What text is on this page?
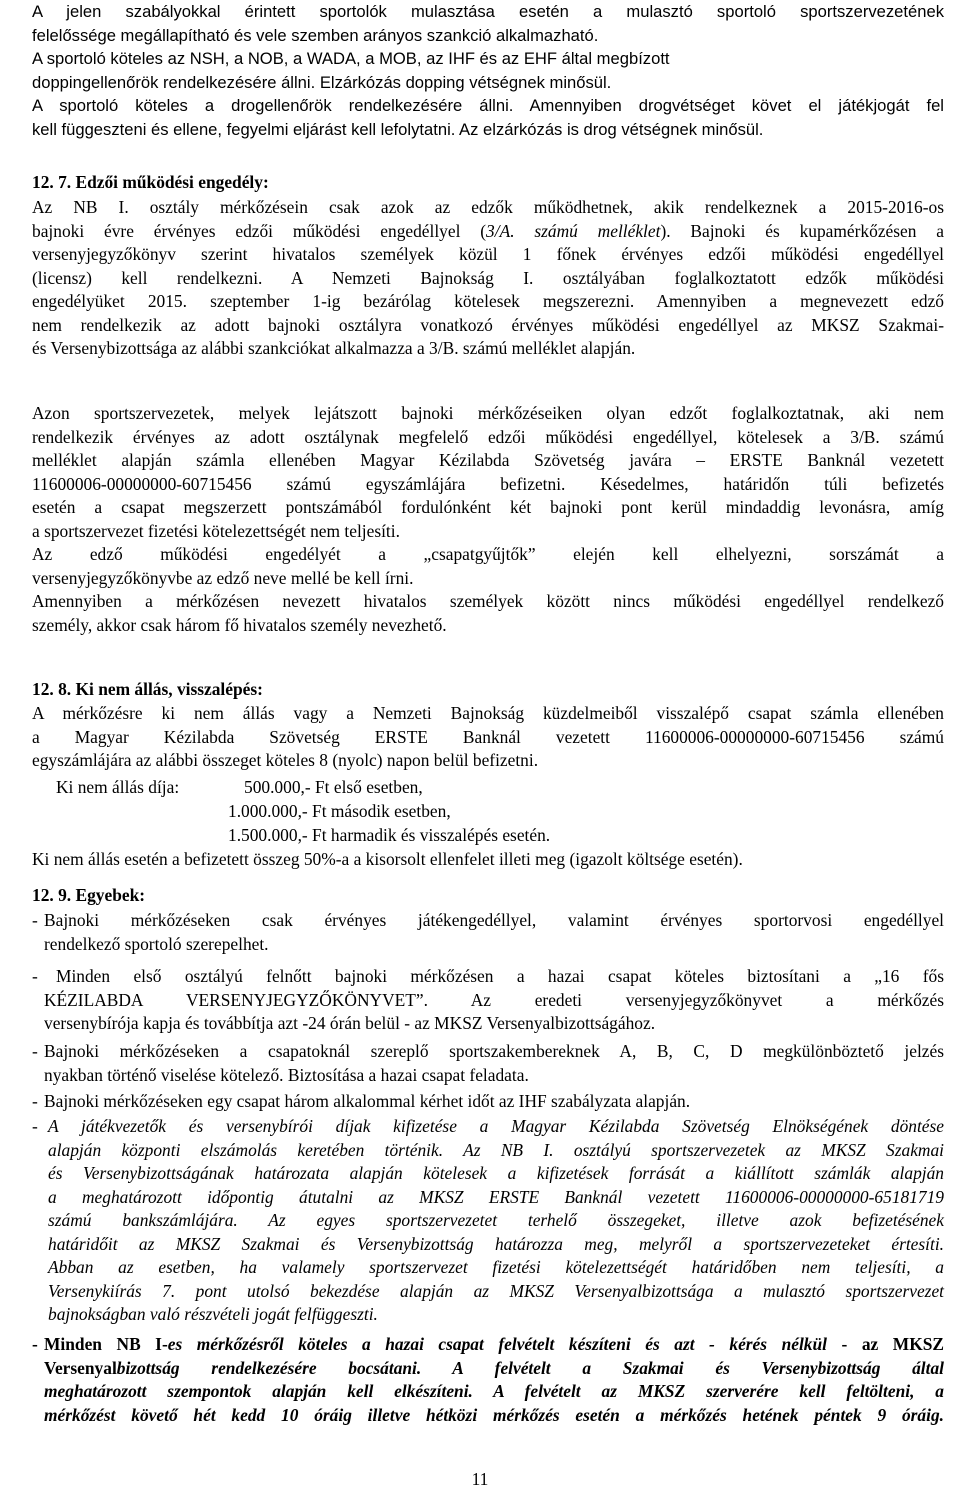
A jelen szabályokkal érintett sportolók mulasztása esetén a mulasztó sportoló sportszervezetének
felelőssége megállapítható és vele szemben arányos szankció alkalmazható.
A sportoló köteles az NSH, a NOB, a WADA, a MOB, az IHF és az EHF által megbízott
doppingellenőrök rendelkezésére állni. Elzárkózás dopping vétségnek minősül.
A sportoló köteles a drogellenőrök rendelkezésére állni. Amennyiben drogvétséget követ el játékjogát fel
kell függeszteni és ellene, fegyelmi eljárást kell lefolytatni. Az elzárkózás is drog vétségnek minősül.
12. 7. Edzői működési engedély:
Az NB I. osztály mérkőzésein csak azok az edzők működhetnek, akik rendelkeznek a 2015-2016-os
bajnoki évre érvényes edzői működési engedéllyel (3/A. számú melléklet). Bajnoki és kupamérkőzésen a
versenyjegyzőkönyv szerint hivatalos személyek közül 1 főnek érvényes edzői működési engedéllyel
(licensz) kell rendelkezni. A Nemzeti Bajnokság I. osztályában foglalkoztatott edzők működési
engedélyüket 2015. szeptember 1-ig bezárólag kötelesek megszerezni. Amennyiben a megnevezett edző
nem rendelkezik az adott bajnoki osztályra vonatkozó érvényes működési engedéllyel az MKSZ Szakmai-
és Versenybizottsága az alábbi szankciókat alkalmazza a 3/B. számú melléklet alapján.
Azon sportszervezetek, melyek lejátszott bajnoki mérkőzéseiken olyan edzőt foglalkoztatnak, aki nem
rendelkezik érvényes az adott osztálynak megfelelő edzői működési engedéllyel, kötelesek a 3/B. számú
melléklet alapján számla ellenében Magyar Kézilabda Szövetség javára – ERSTE Banknál vezetett
11600006-00000000-60715456 számú egyszámlájára befizetni. Késedelmes, határidőn túli befizetés
esetén a csapat megszerzett pontszámából fordulónként két bajnoki pont kerül mindaddig levonásra, amíg
a sportszervezet fizetési kötelezettségét nem teljesíti.
Az edző működési engedélyét a „csapatgyűjtők” elején kell elhelyezni, sorszámát a
versenyjegyzőkönyvbe az edző neve mellé be kell írni.
Amennyiben a mérkőzésen nevezett hivatalos személyek között nincs működési engedéllyel rendelkező
személy, akkor csak három fő hivatalos személy nevezhető.
12. 8. Ki nem állás, visszalépés:
A mérkőzésre ki nem állás vagy a Nemzeti Bajnokság küzdelmeiből visszalépő csapat számla ellenében
a Magyar Kézilabda Szövetség ERSTE Banknál vezetett 11600006-00000000-60715456 számú
egyszámlájára az alábbi összeget köteles 8 (nyolc) napon belül befizetni.
Ki nem állás díja:	500.000,- Ft első esetben,
1.000.000,- Ft második esetben,
1.500.000,- Ft harmadik és visszalépés esetén.
Ki nem állás esetén a befizetett összeg 50%-a a kisorsolt ellenfelet illeti meg (igazolt költsége esetén).
12. 9. Egyebek:
- Bajnoki mérkőzéseken csak érvényes játékengedéllyel, valamint érvényes sportorvosi engedéllyel
rendelkező sportoló szerepelhet.
- Minden első osztályú felnőtt bajnoki mérkőzésen a hazai csapat köteles biztosítani a „16 fős
KÉZILABDA VERSENYJEGYZŐKÖNYVET”. Az eredeti versenyjegyzőkönyvet a mérkőzés
versenybírója kapja és továbbítja azt -24 órán belül - az MKSZ Versenyalbizottságához.
- Bajnoki mérkőzéseken a csapatoknál szereplő sportszakembereknek A, B, C, D megkülönböztető jelzés
nyakban történő viselése kötelező. Biztosítása a hazai csapat feladata.
- Bajnoki mérkőzéseken egy csapat három alkalommal kérhet időt az IHF szabályzata alapján.
- A játékvezetők és versenybírói díjak kifizetése a Magyar Kézilabda Szövetség Elnökségének döntése
alapján központi elszámolás keretében történik. Az NB I. osztályú sportszervezetek az MKSZ Szakmai
és Versenybizottságának határozata alapján kötelesek a kifizetések forrását a kiállított számlák alapján
a meghatározott időpontig átutalni az MKSZ ERSTE Banknál vezetett 11600006-00000000-65181719
számú bankszámlájára. Az egyes sportszervezetet terhelő összegeket, illetve azok befizetésének
határidőit az MKSZ Szakmai és Versenybizottság határozza meg, melyről a sportszervezeteket értesíti.
Abban az esetben, ha valamely sportszervezet fizetési kötelezettségét határidőben nem teljesíti, a
Versenykiírás 7. pont utolsó bekezdése alapján az MKSZ Versenyalbizottsága a mulasztó sportszervezet
bajnokságban való részvételi jogát felfüggeszti.
- Minden NB I-es mérkőzésről köteles a hazai csapat felvételt készíteni és azt - kérés nélkül - az MKSZ
Versenyalbizottság rendelkezésére bocsátani. A felvételt a Szakmai és Versenybizottság által
meghatározott szempontok alapján kell elkészíteni. A felvételt az MKSZ szerverére kell feltölteni, a
mérkőzést követő hét kedd 10 óráig illetve hétközi mérkőzés esetén a mérkőzés hetének péntek 9 óráig.
11
